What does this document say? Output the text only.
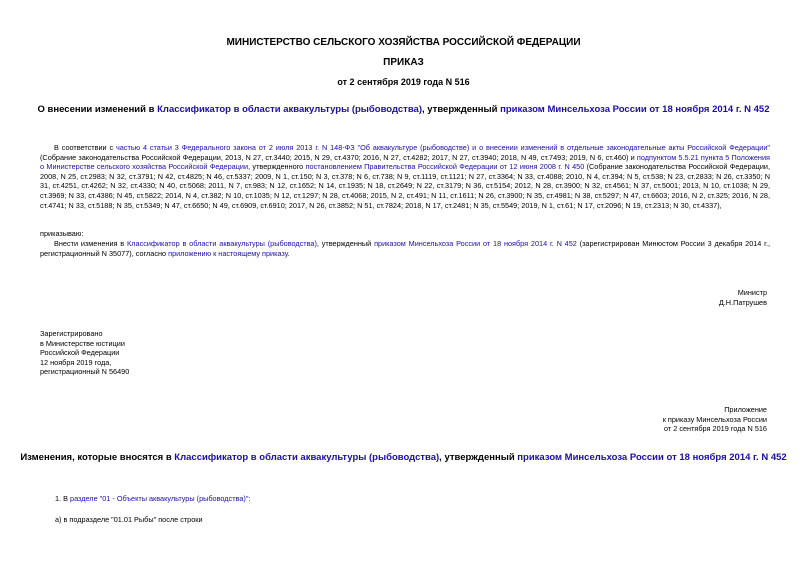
МИНИСТЕРСТВО СЕЛЬСКОГО ХОЗЯЙСТВА РОССИЙСКОЙ ФЕДЕРАЦИИ
ПРИКАЗ
от 2 сентября 2019 года N 516
О внесении изменений в Классификатор в области аквакультуры (рыбоводства), утвержденный приказом Минсельхоза России от 18 ноября 2014 г. N 452
В соответствии с частью 4 статьи 3 Федерального закона от 2 июля 2013 г. N 148-ФЗ "Об аквакультуре (рыбоводстве) и о внесении изменений в отдельные законодательные акты Российской Федерации" (Собрание законодательства Российской Федерации, 2013, N 27, ст.3440; 2015, N 29, ст.4370; 2016, N 27, ст.4282; 2017, N 27, ст.3940; 2018, N 49, ст.7493; 2019, N 6, ст.460) и подпунктом 5.5.21 пункта 5 Положения о Министерстве сельского хозяйства Российской Федерации, утвержденного постановлением Правительства Российской Федерации от 12 июня 2008 г. N 450 (Собрание законодательства Российской Федерации, 2008, N 25, ст.2983; N 32, ст.3791; N 42, ст.4825; N 46, ст.5337; 2009, N 1, ст.150; N 3, ст.378; N 6, ст.738; N 9, ст.1119, ст.1121; N 27, ст.3364; N 33, ст.4088; 2010, N 4, ст.394; N 5, ст.538; N 23, ст.2833; N 26, ст.3350; N 31, ст.4251, ст.4262; N 32, ст.4330; N 40, ст.5068; 2011, N 7, ст.983; N 12, ст.1652; N 14, ст.1935; N 18, ст.2649; N 22, ст.3179; N 36, ст.5154; 2012, N 28, ст.3900; N 32, ст.4561; N 37, ст.5001; 2013, N 10, ст.1038; N 29, ст.3969; N 33, ст.4386; N 45, ст.5822; 2014, N 4, ст.382; N 10, ст.1035; N 12, ст.1297; N 28, ст.4068; 2015, N 2, ст.491; N 11, ст.1611; N 26, ст.3900; N 35, ст.4981; N 38, ст.5297; N 47, ст.6603; 2016, N 2, ст.325; 2016, N 28, ст.4741; N 33, ст.5188; N 35, ст.5349; N 47, ст.6650; N 49, ст.6909, ст.6910; 2017, N 26, ст.3852; N 51, ст.7824; 2018, N 17, ст.2481; N 35, ст.5549; 2019, N 1, ст.61; N 17, ст.2096; N 19, ст.2313; N 30, ст.4337),
приказываю:
Внести изменения в Классификатор в области аквакультуры (рыбоводства), утвержденный приказом Минсельхоза России от 18 ноября 2014 г. N 452 (зарегистрирован Минюстом России 3 декабря 2014 г., регистрационный N 35077), согласно приложению к настоящему приказу.
Министр
Д.Н.Патрушев
Зарегистрировано
в Министерстве юстиции
Российской Федерации
12 ноября 2019 года,
регистрационный N 56490
Приложение
к приказу Минсельхоза России
от 2 сентября 2019 года N 516
Изменения, которые вносятся в Классификатор в области аквакультуры (рыбоводства), утвержденный приказом Минсельхоза России от 18 ноября 2014 г. N 452
1. В разделе "01 - Объекты аквакультуры (рыбоводства)":
а) в подразделе "01.01 Рыбы" после строки
